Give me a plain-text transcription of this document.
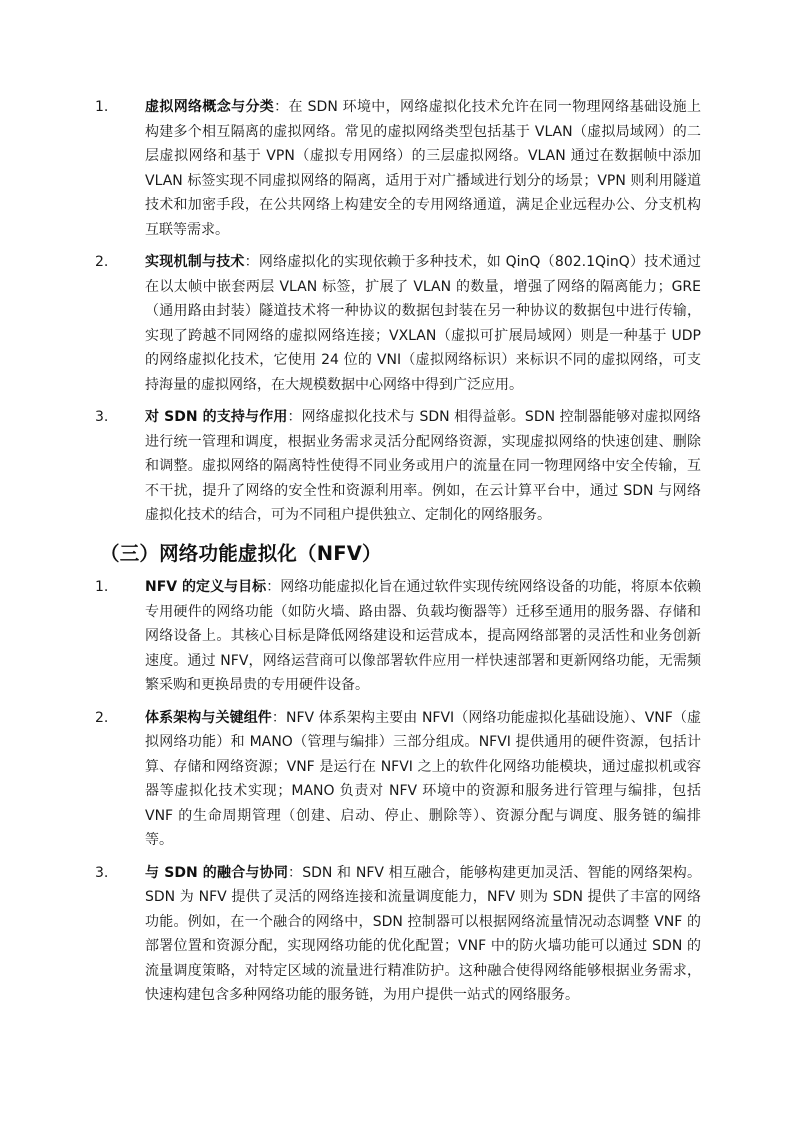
1.	虚拟网络概念与分类：在 SDN 环境中，网络虚拟化技术允许在同一物理网络基础设施上构建多个相互隔离的虚拟网络。常见的虚拟网络类型包括基于 VLAN（虚拟局域网）的二层虚拟网络和基于 VPN（虚拟专用网络）的三层虚拟网络。VLAN 通过在数据帧中添加 VLAN 标签实现不同虚拟网络的隔离，适用于对广播域进行划分的场景；VPN 则利用隧道技术和加密手段，在公共网络上构建安全的专用网络通道，满足企业远程办公、分支机构互联等需求。
2.	实现机制与技术：网络虚拟化的实现依赖于多种技术，如 QinQ（802.1QinQ）技术通过在以太帧中嵌套两层 VLAN 标签，扩展了 VLAN 的数量，增强了网络的隔离能力；GRE（通用路由封装）隧道技术将一种协议的数据包封装在另一种协议的数据包中进行传输，实现了跨越不同网络的虚拟网络连接；VXLAN（虚拟可扩展局域网）则是一种基于 UDP 的网络虚拟化技术，它使用 24 位的 VNI（虚拟网络标识）来标识不同的虚拟网络，可支持海量的虚拟网络，在大规模数据中心网络中得到广泛应用。
3.	对 SDN 的支持与作用：网络虚拟化技术与 SDN 相得益彰。SDN 控制器能够对虚拟网络进行统一管理和调度，根据业务需求灵活分配网络资源，实现虚拟网络的快速创建、删除和调整。虚拟网络的隔离特性使得不同业务或用户的流量在同一物理网络中安全传输，互不干扰，提升了网络的安全性和资源利用率。例如，在云计算平台中，通过 SDN 与网络虚拟化技术的结合，可为不同租户提供独立、定制化的网络服务。
（三）网络功能虚拟化（NFV）
1.	NFV 的定义与目标：网络功能虚拟化旨在通过软件实现传统网络设备的功能，将原本依赖专用硬件的网络功能（如防火墙、路由器、负载均衡器等）迁移至通用的服务器、存储和网络设备上。其核心目标是降低网络建设和运营成本，提高网络部署的灵活性和业务创新速度。通过 NFV，网络运营商可以像部署软件应用一样快速部署和更新网络功能，无需频繁采购和更换昂贵的专用硬件设备。
2.	体系架构与关键组件：NFV 体系架构主要由 NFVI（网络功能虚拟化基础设施）、VNF（虚拟网络功能）和 MANO（管理与编排）三部分组成。NFVI 提供通用的硬件资源，包括计算、存储和网络资源；VNF 是运行在 NFVI 之上的软件化网络功能模块，通过虚拟机或容器等虚拟化技术实现；MANO 负责对 NFV 环境中的资源和服务进行管理与编排，包括 VNF 的生命周期管理（创建、启动、停止、删除等）、资源分配与调度、服务链的编排等。
3.	与 SDN 的融合与协同：SDN 和 NFV 相互融合，能够构建更加灵活、智能的网络架构。SDN 为 NFV 提供了灵活的网络连接和流量调度能力，NFV 则为 SDN 提供了丰富的网络功能。例如，在一个融合的网络中，SDN 控制器可以根据网络流量情况动态调整 VNF 的部署位置和资源分配，实现网络功能的优化配置；VNF 中的防火墙功能可以通过 SDN 的流量调度策略，对特定区域的流量进行精准防护。这种融合使得网络能够根据业务需求，快速构建包含多种网络功能的服务链，为用户提供一站式的网络服务。
